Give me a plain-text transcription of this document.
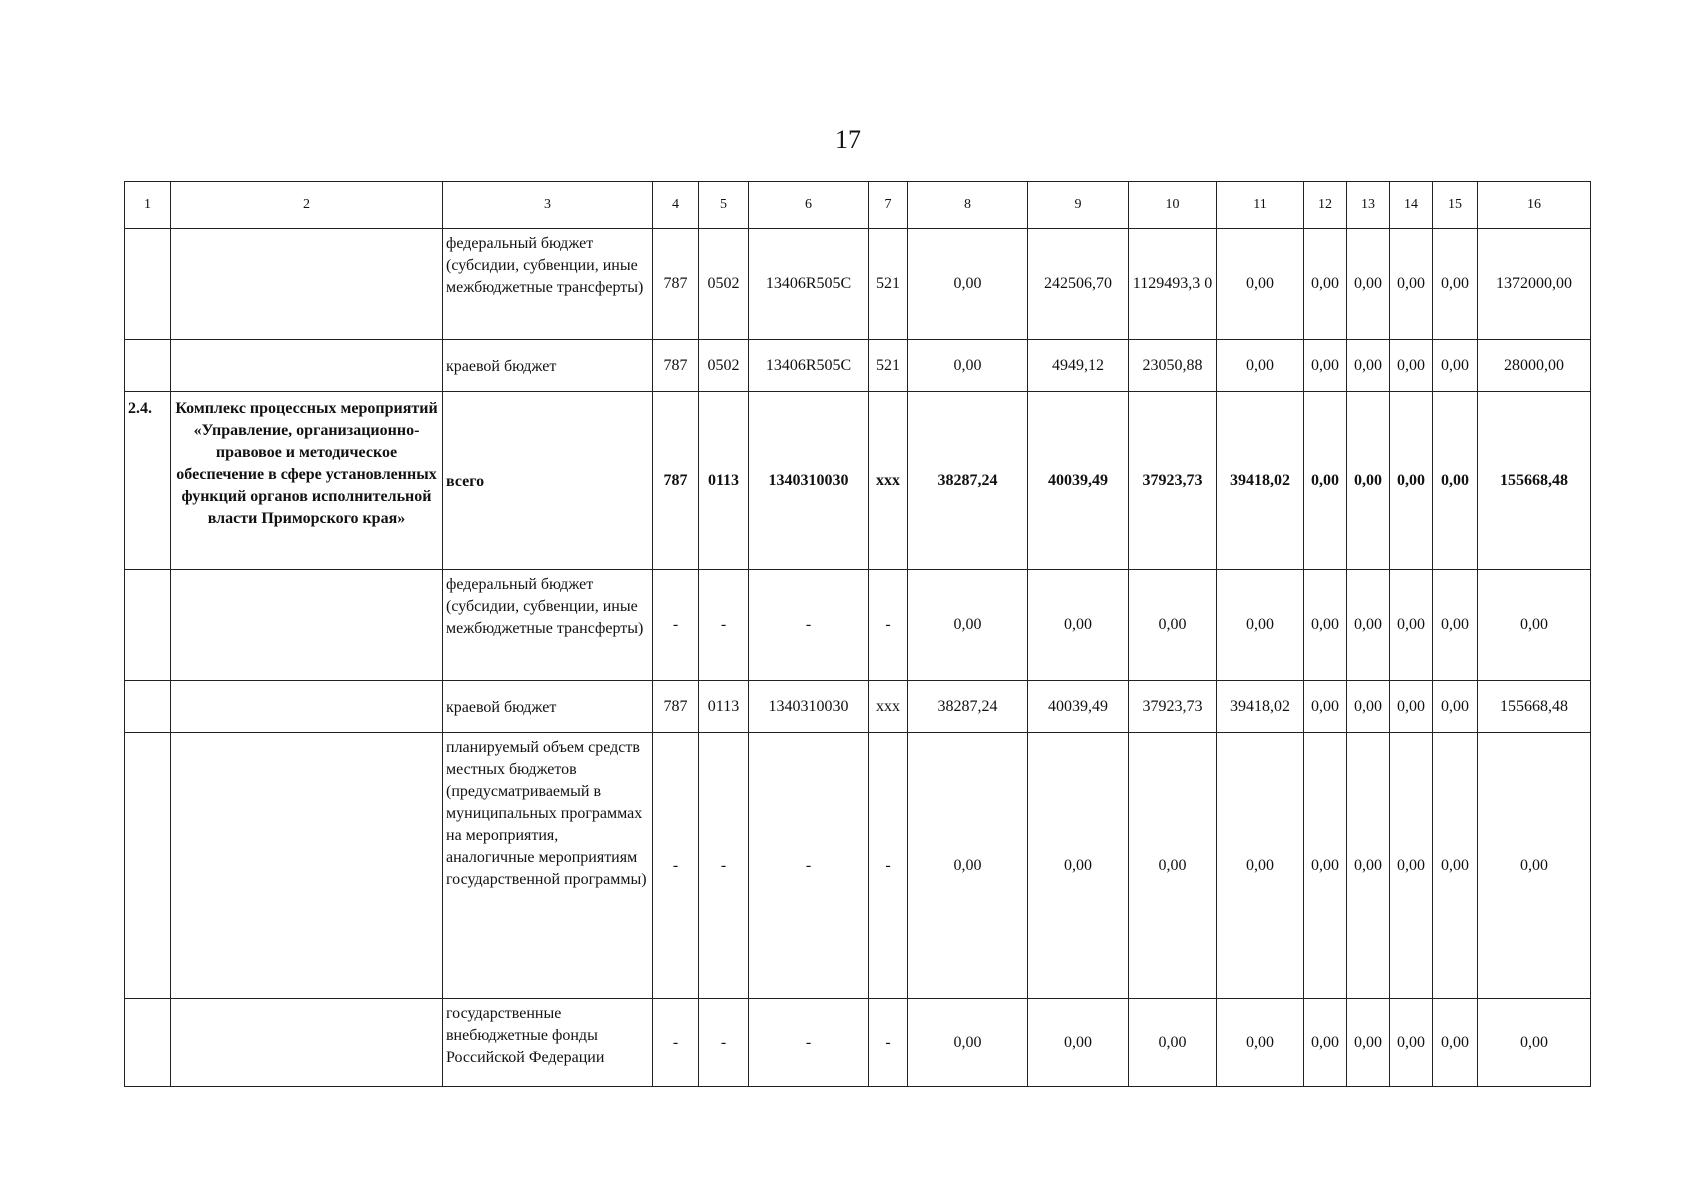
17
1	2	3	4	5	6	7	8	9	10	11	12	13	14	15	16
		федеральный бюджет (субсидии, субвенции, иные межбюджетные трансферты)	787	0502	13406R505C	521	0,00	242506,70	1129493,3 0	0,00	0,00	0,00	0,00	0,00	1372000,00
		краевой бюджет	787	0502	13406R505C	521	0,00	4949,12	23050,88	0,00	0,00	0,00	0,00	0,00	28000,00
2.4.	Комплекс процессных мероприятий «Управление, организационно-правовое и методическое обеспечение в сфере установленных функций органов исполнительной власти Приморского края»	всего	787	0113	1340310030	xxx	38287,24	40039,49	37923,73	39418,02	0,00	0,00	0,00	0,00	155668,48
		федеральный бюджет (субсидии, субвенции, иные межбюджетные трансферты)	-	-	-	-	0,00	0,00	0,00	0,00	0,00	0,00	0,00	0,00	0,00
		краевой бюджет	787	0113	1340310030	xxx	38287,24	40039,49	37923,73	39418,02	0,00	0,00	0,00	0,00	155668,48
		планируемый объем средств местных бюджетов (предусматриваемый в муниципальных программах на мероприятия, аналогичные мероприятиям государственной программы)	-	-	-	-	0,00	0,00	0,00	0,00	0,00	0,00	0,00	0,00	0,00
		государственные внебюджетные фонды Российской Федерации	-	-	-	-	0,00	0,00	0,00	0,00	0,00	0,00	0,00	0,00	0,00
